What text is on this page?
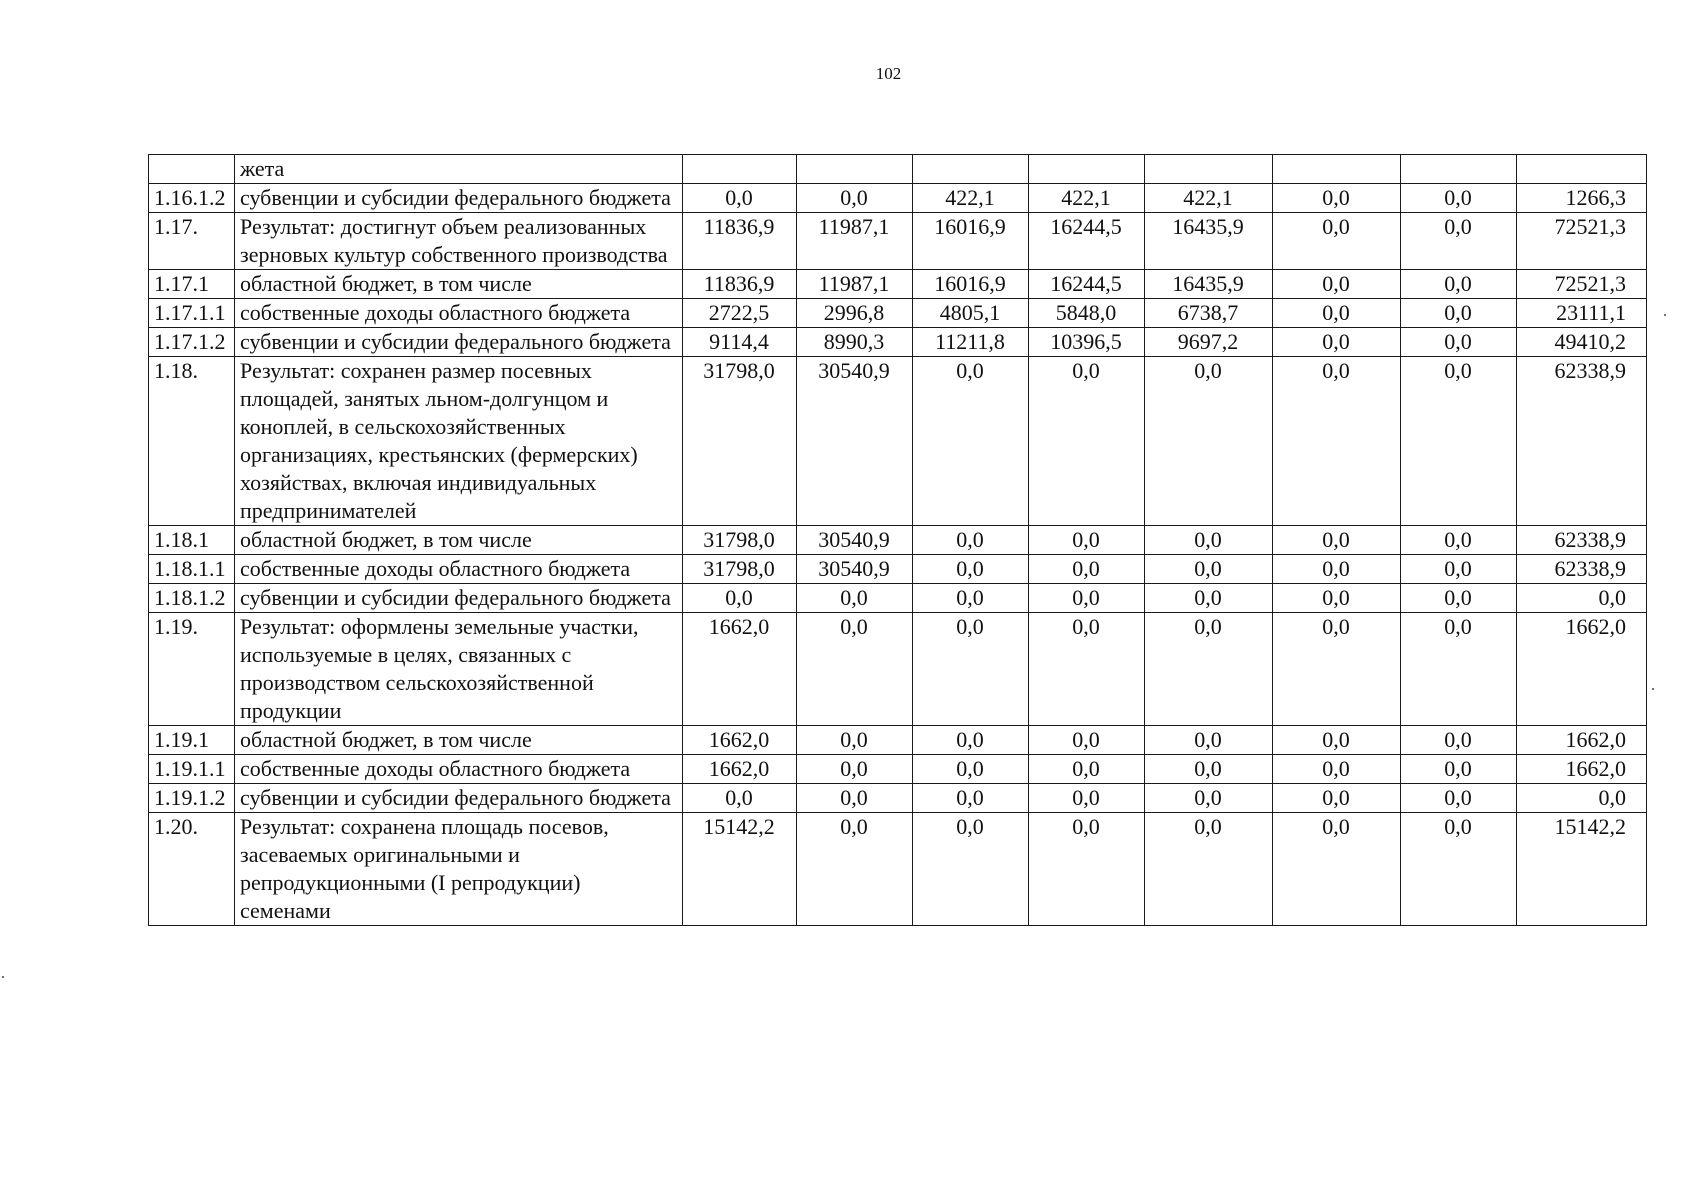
102
	жета								
1.16.1.2	субвенции и субсидии федерального бюджета	0,0	0,0	422,1	422,1	422,1	0,0	0,0	1266,3
1.17.	Результат: достигнут объем реализованных зерновых культур собственного производства	11836,9	11987,1	16016,9	16244,5	16435,9	0,0	0,0	72521,3
1.17.1	областной бюджет, в том числе	11836,9	11987,1	16016,9	16244,5	16435,9	0,0	0,0	72521,3
1.17.1.1	собственные доходы областного бюджета	2722,5	2996,8	4805,1	5848,0	6738,7	0,0	0,0	23111,1
1.17.1.2	субвенции и субсидии федерального бюджета	9114,4	8990,3	11211,8	10396,5	9697,2	0,0	0,0	49410,2
1.18.	Результат: сохранен размер посевных площадей, занятых льном-долгунцом и коноплей, в сельскохозяйственных организациях, крестьянских (фермерских) хозяйствах, включая индивидуальных предпринимателей	31798,0	30540,9	0,0	0,0	0,0	0,0	0,0	62338,9
1.18.1	областной бюджет, в том числе	31798,0	30540,9	0,0	0,0	0,0	0,0	0,0	62338,9
1.18.1.1	собственные доходы областного бюджета	31798,0	30540,9	0,0	0,0	0,0	0,0	0,0	62338,9
1.18.1.2	субвенции и субсидии федерального бюджета	0,0	0,0	0,0	0,0	0,0	0,0	0,0	0,0
1.19.	Результат: оформлены земельные участки, используемые в целях, связанных с производством сельскохозяйственной продукции	1662,0	0,0	0,0	0,0	0,0	0,0	0,0	1662,0
1.19.1	областной бюджет, в том числе	1662,0	0,0	0,0	0,0	0,0	0,0	0,0	1662,0
1.19.1.1	собственные доходы областного бюджета	1662,0	0,0	0,0	0,0	0,0	0,0	0,0	1662,0
1.19.1.2	субвенции и субсидии федерального бюджета	0,0	0,0	0,0	0,0	0,0	0,0	0,0	0,0
1.20.	Результат: сохранена площадь посевов, засеваемых оригинальными и репродукционными (I репродукции) семенами	15142,2	0,0	0,0	0,0	0,0	0,0	0,0	15142,2
